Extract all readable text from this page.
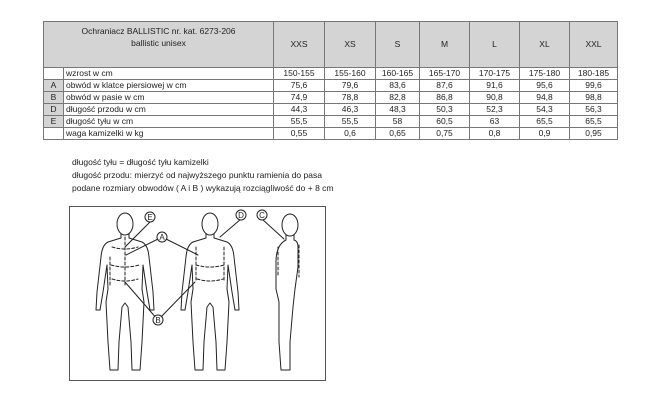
Ochraniacz BALLISTIC nr. kat. 6273-206
ballistic unisex		XXS	XS	S	M	L	XL	XXL
	wzrost w cm	150-155	155-160	160-165	165-170	170-175	175-180	180-185
A	obwód w klatce piersiowej w cm	75,6	79,6	83,6	87,6	91,6	95,6	99,6
B	obwód w pasie w cm	74,9	78,8	82,8	86,8	90,8	94,8	98,8
D	długość przodu w cm	44,3	46,3	48,3	50,3	52,3	54,3	56,3
E	długość tyłu w cm	55,5	55,5	58	60,5	63	65,5	65,5
	waga kamizelki w kg	0,55	0,6	0,65	0,75	0,8	0,9	0,95
długość tyłu = długość tyłu kamizelki
długość przodu: mierzyć od najwyższego punktu ramienia do pasa
podane rozmiary obwodów ( A i B ) wykazują rozciągliwość do + 8 cm
E
A
D C
B
